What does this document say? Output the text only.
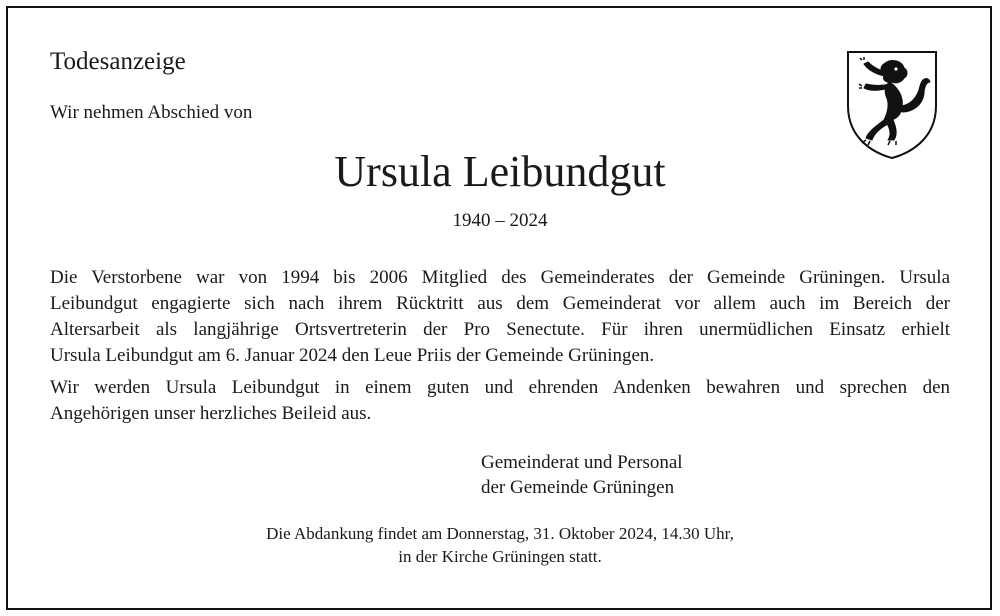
Todesanzeige

Wir nehmen Abschied von

Ursula Leibundgut

1940 – 2024

Die Verstorbene war von 1994 bis 2006 Mitglied des Gemeinderates der Gemeinde Grüningen. Ursula
Leibundgut engagierte sich nach ihrem Rücktritt aus dem Gemeinderat vor allem auch im Bereich der
Altersarbeit als langjährige Ortsvertreterin der Pro Senectute. Für ihren unermüdlichen Einsatz erhielt
Ursula Leibundgut am 6. Januar 2024 den Leue Priis der Gemeinde Grüningen.
Wir werden Ursula Leibundgut in einem guten und ehrenden Andenken bewahren und sprechen den
Angehörigen unser herzliches Beileid aus.
Gemeinderat und Personal
der Gemeinde Grüningen
Die Abdankung findet am Donnerstag, 31. Oktober 2024, 14.30 Uhr,
in der Kirche Grüningen statt.
